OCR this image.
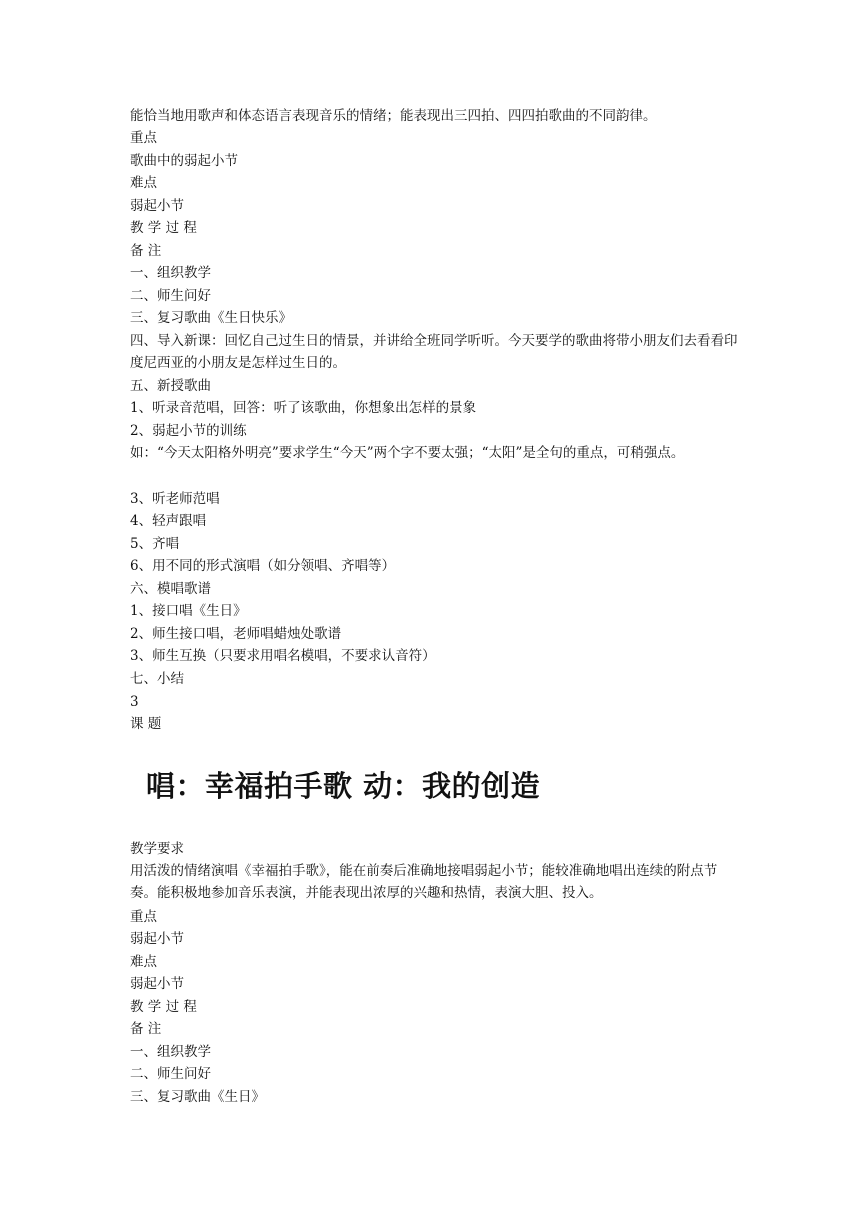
能恰当地用歌声和体态语言表现音乐的情绪；能表现出三四拍、四四拍歌曲的不同韵律。
重点
歌曲中的弱起小节
难点
弱起小节
教 学 过 程
备 注
一、组织教学
二、师生问好
三、复习歌曲《生日快乐》
四、导入新课：回忆自己过生日的情景，并讲给全班同学听听。今天要学的歌曲将带小朋友们去看看印度尼西亚的小朋友是怎样过生日的。
五、新授歌曲
1、听录音范唱，回答：听了该歌曲，你想象出怎样的景象
2、弱起小节的训练
如：“今天太阳格外明亮”要求学生“今天”两个字不要太强；“太阳”是全句的重点，可稍强点。
3、听老师范唱
4、轻声跟唱
5、齐唱
6、用不同的形式演唱（如分领唱、齐唱等）
六、模唱歌谱
1、接口唱《生日》
2、师生接口唱，老师唱蜡烛处歌谱
3、师生互换（只要求用唱名模唱，不要求认音符）
七、小结
3
课 题
唱：幸福拍手歌 动：我的创造
教学要求
用活泼的情绪演唱《幸福拍手歌》，能在前奏后准确地接唱弱起小节；能较准确地唱出连续的附点节奏。能积极地参加音乐表演，并能表现出浓厚的兴趣和热情，表演大胆、投入。
重点
弱起小节
难点
弱起小节
教 学 过 程
备 注
一、组织教学
二、师生问好
三、复习歌曲《生日》
